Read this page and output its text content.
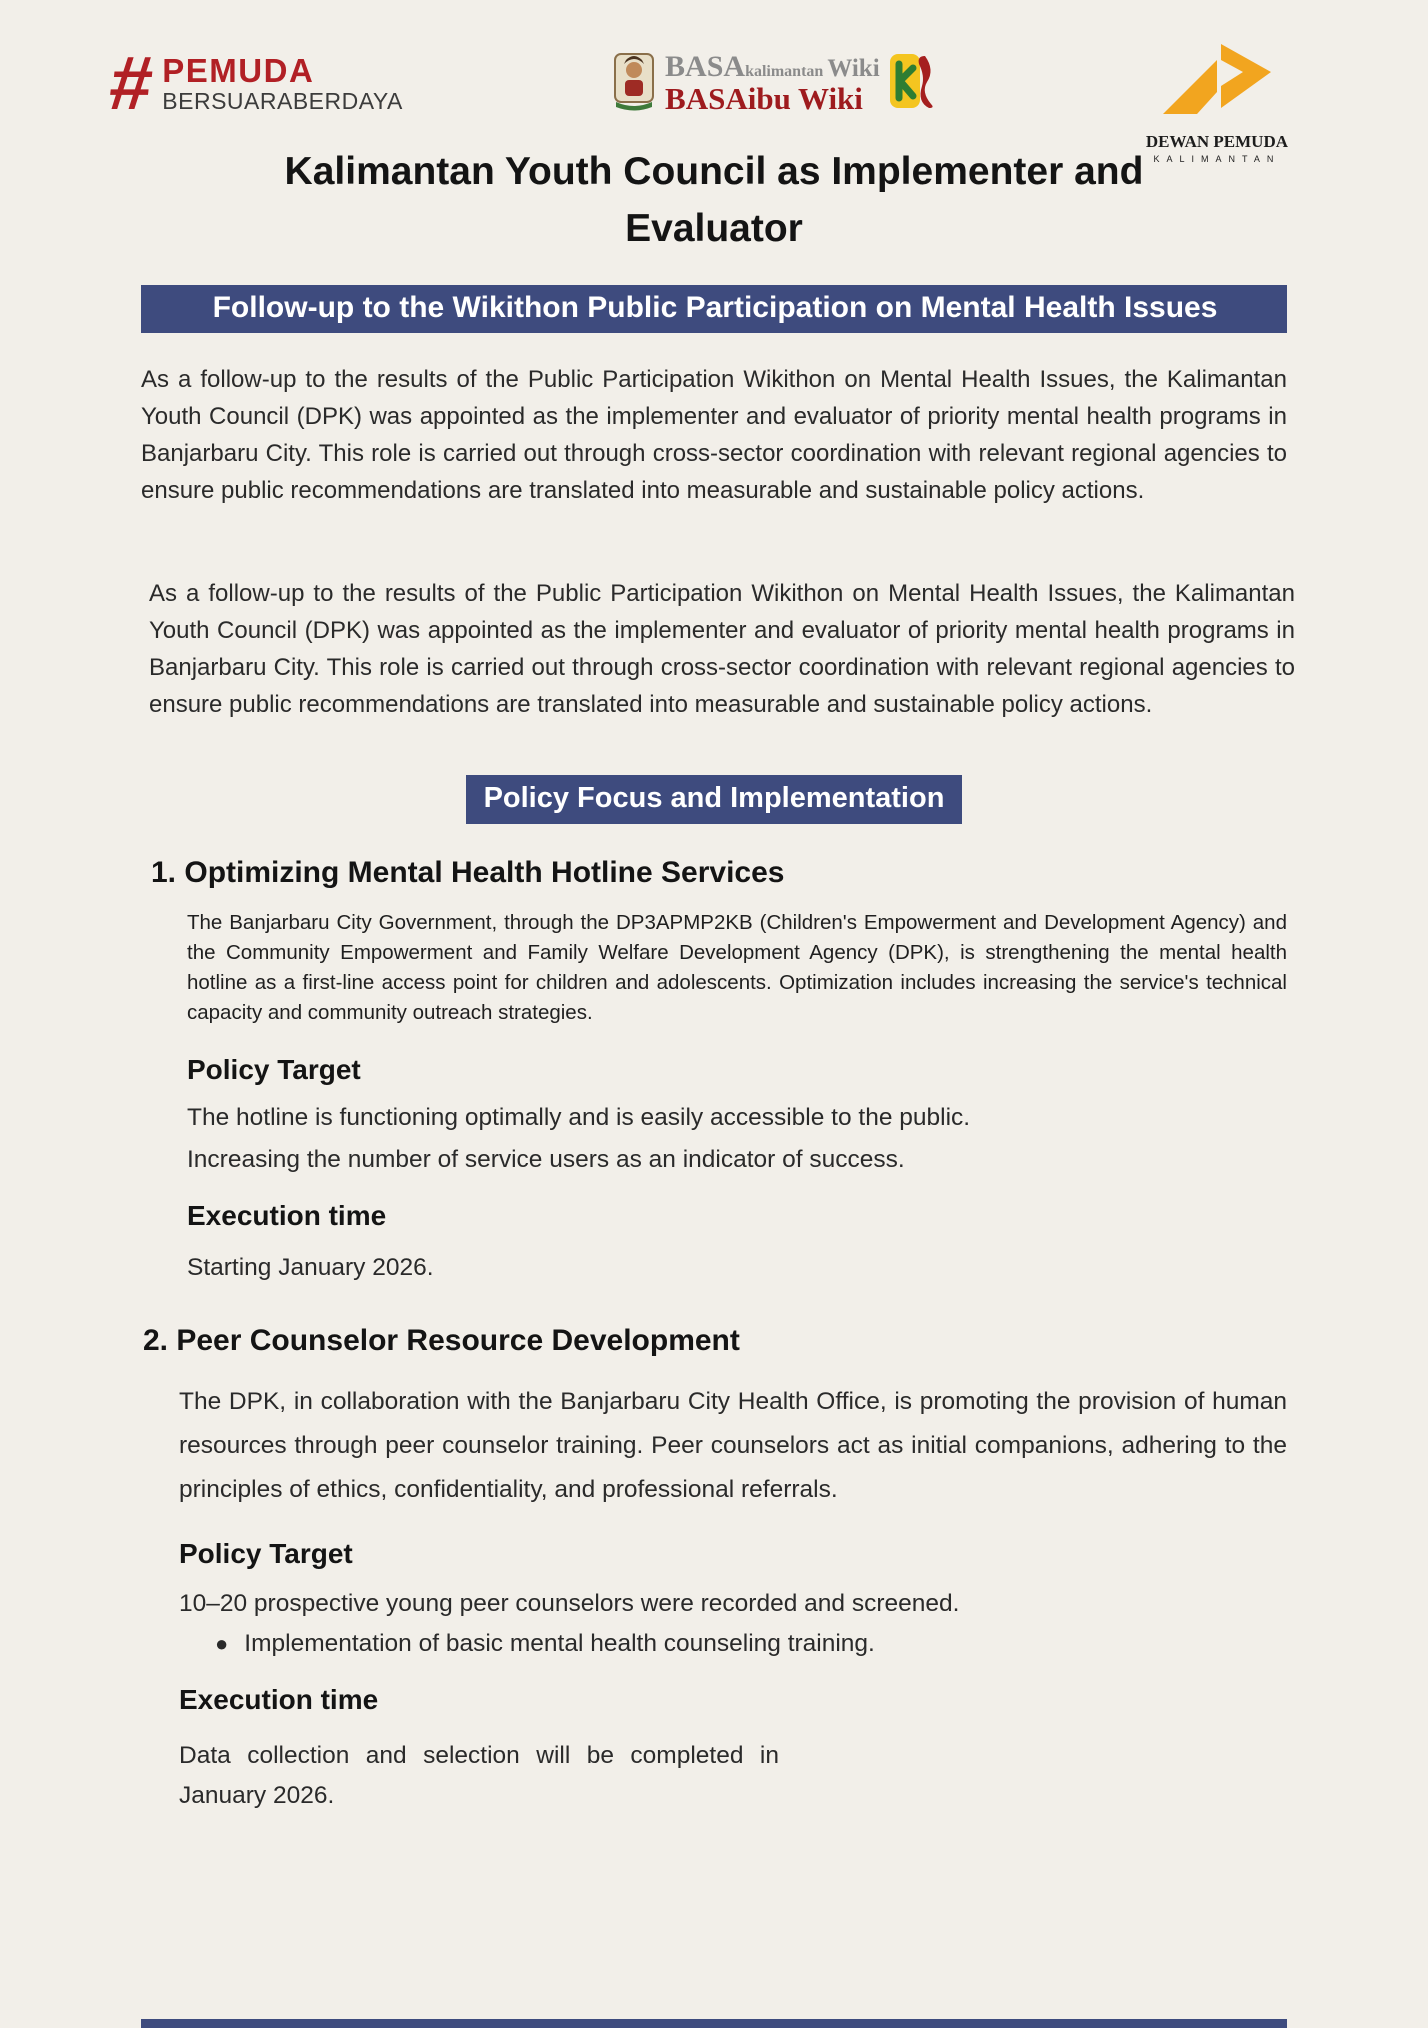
# PEMUDA
BERSUARABERDAYA
BASAkalimantan Wiki
BASAibu Wiki
DEWAN PEMUDA
KALIMANTAN
Kalimantan Youth Council as Implementer and
Evaluator
Follow-up to the Wikithon Public Participation on Mental Health Issues

As a follow-up to the results of the Public Participation Wikithon on Mental Health Issues, the Kalimantan Youth Council (DPK) was appointed as the implementer and evaluator of priority mental health programs in Banjarbaru City. This role is carried out through cross-sector coordination with relevant regional agencies to ensure public recommendations are translated into measurable and sustainable policy actions.

As a follow-up to the results of the Public Participation Wikithon on Mental Health Issues, the Kalimantan Youth Council (DPK) was appointed as the implementer and evaluator of priority mental health programs in Banjarbaru City. This role is carried out through cross-sector coordination with relevant regional agencies to ensure public recommendations are translated into measurable and sustainable policy actions.

Policy Focus and Implementation
1. Optimizing Mental Health Hotline Services

The Banjarbaru City Government, through the DP3APMP2KB (Children's Empowerment and Development Agency) and the Community Empowerment and Family Welfare Development Agency (DPK), is strengthening the mental health hotline as a first-line access point for children and adolescents. Optimization includes increasing the service's technical capacity and community outreach strategies.

Policy Target
The hotline is functioning optimally and is easily accessible to the public.
Increasing the number of service users as an indicator of success.
Execution time
Starting January 2026.
2. Peer Counselor Resource Development

The DPK, in collaboration with the Banjarbaru City Health Office, is promoting the provision of human resources through peer counselor training. Peer counselors act as initial companions, adhering to the principles of ethics, confidentiality, and professional referrals.

Policy Target
10–20 prospective young peer counselors were recorded and screened.
● Implementation of basic mental health counseling training.
Execution time
Data collection and selection will be completed in January 2026.
